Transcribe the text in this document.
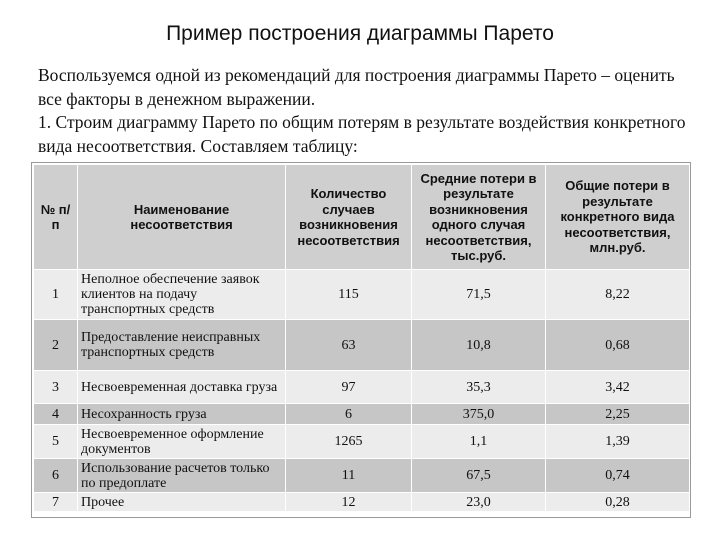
Пример построения диаграммы Парето

Воспользуемся одной из рекомендаций для построения диаграммы Парето – оценить все факторы в денежном выражении.

1. Строим диаграмму Парето по общим потерям в результате воздействия конкретного вида несоответствия. Составляем таблицу:

№ п/п	Наименование несоответствия	Количество случаев возникновения несоответствия	Средние потери в результате возникновения одного случая несоответствия, тыс.руб.	Общие потери в результате конкретного вида несоответствия, млн.руб.
1	Неполное обеспечение заявок клиентов на подачу транспортных средств	115	71,5	8,22
2	Предоставление неисправных транспортных средств	63	10,8	0,68
3	Несвоевременная доставка груза	97	35,3	3,42
4	Несохранность груза	6	375,0	2,25
5	Несвоевременное оформление документов	1265	1,1	1,39
6	Использование расчетов только по предоплате	11	67,5	0,74
7	Прочее	12	23,0	0,28
